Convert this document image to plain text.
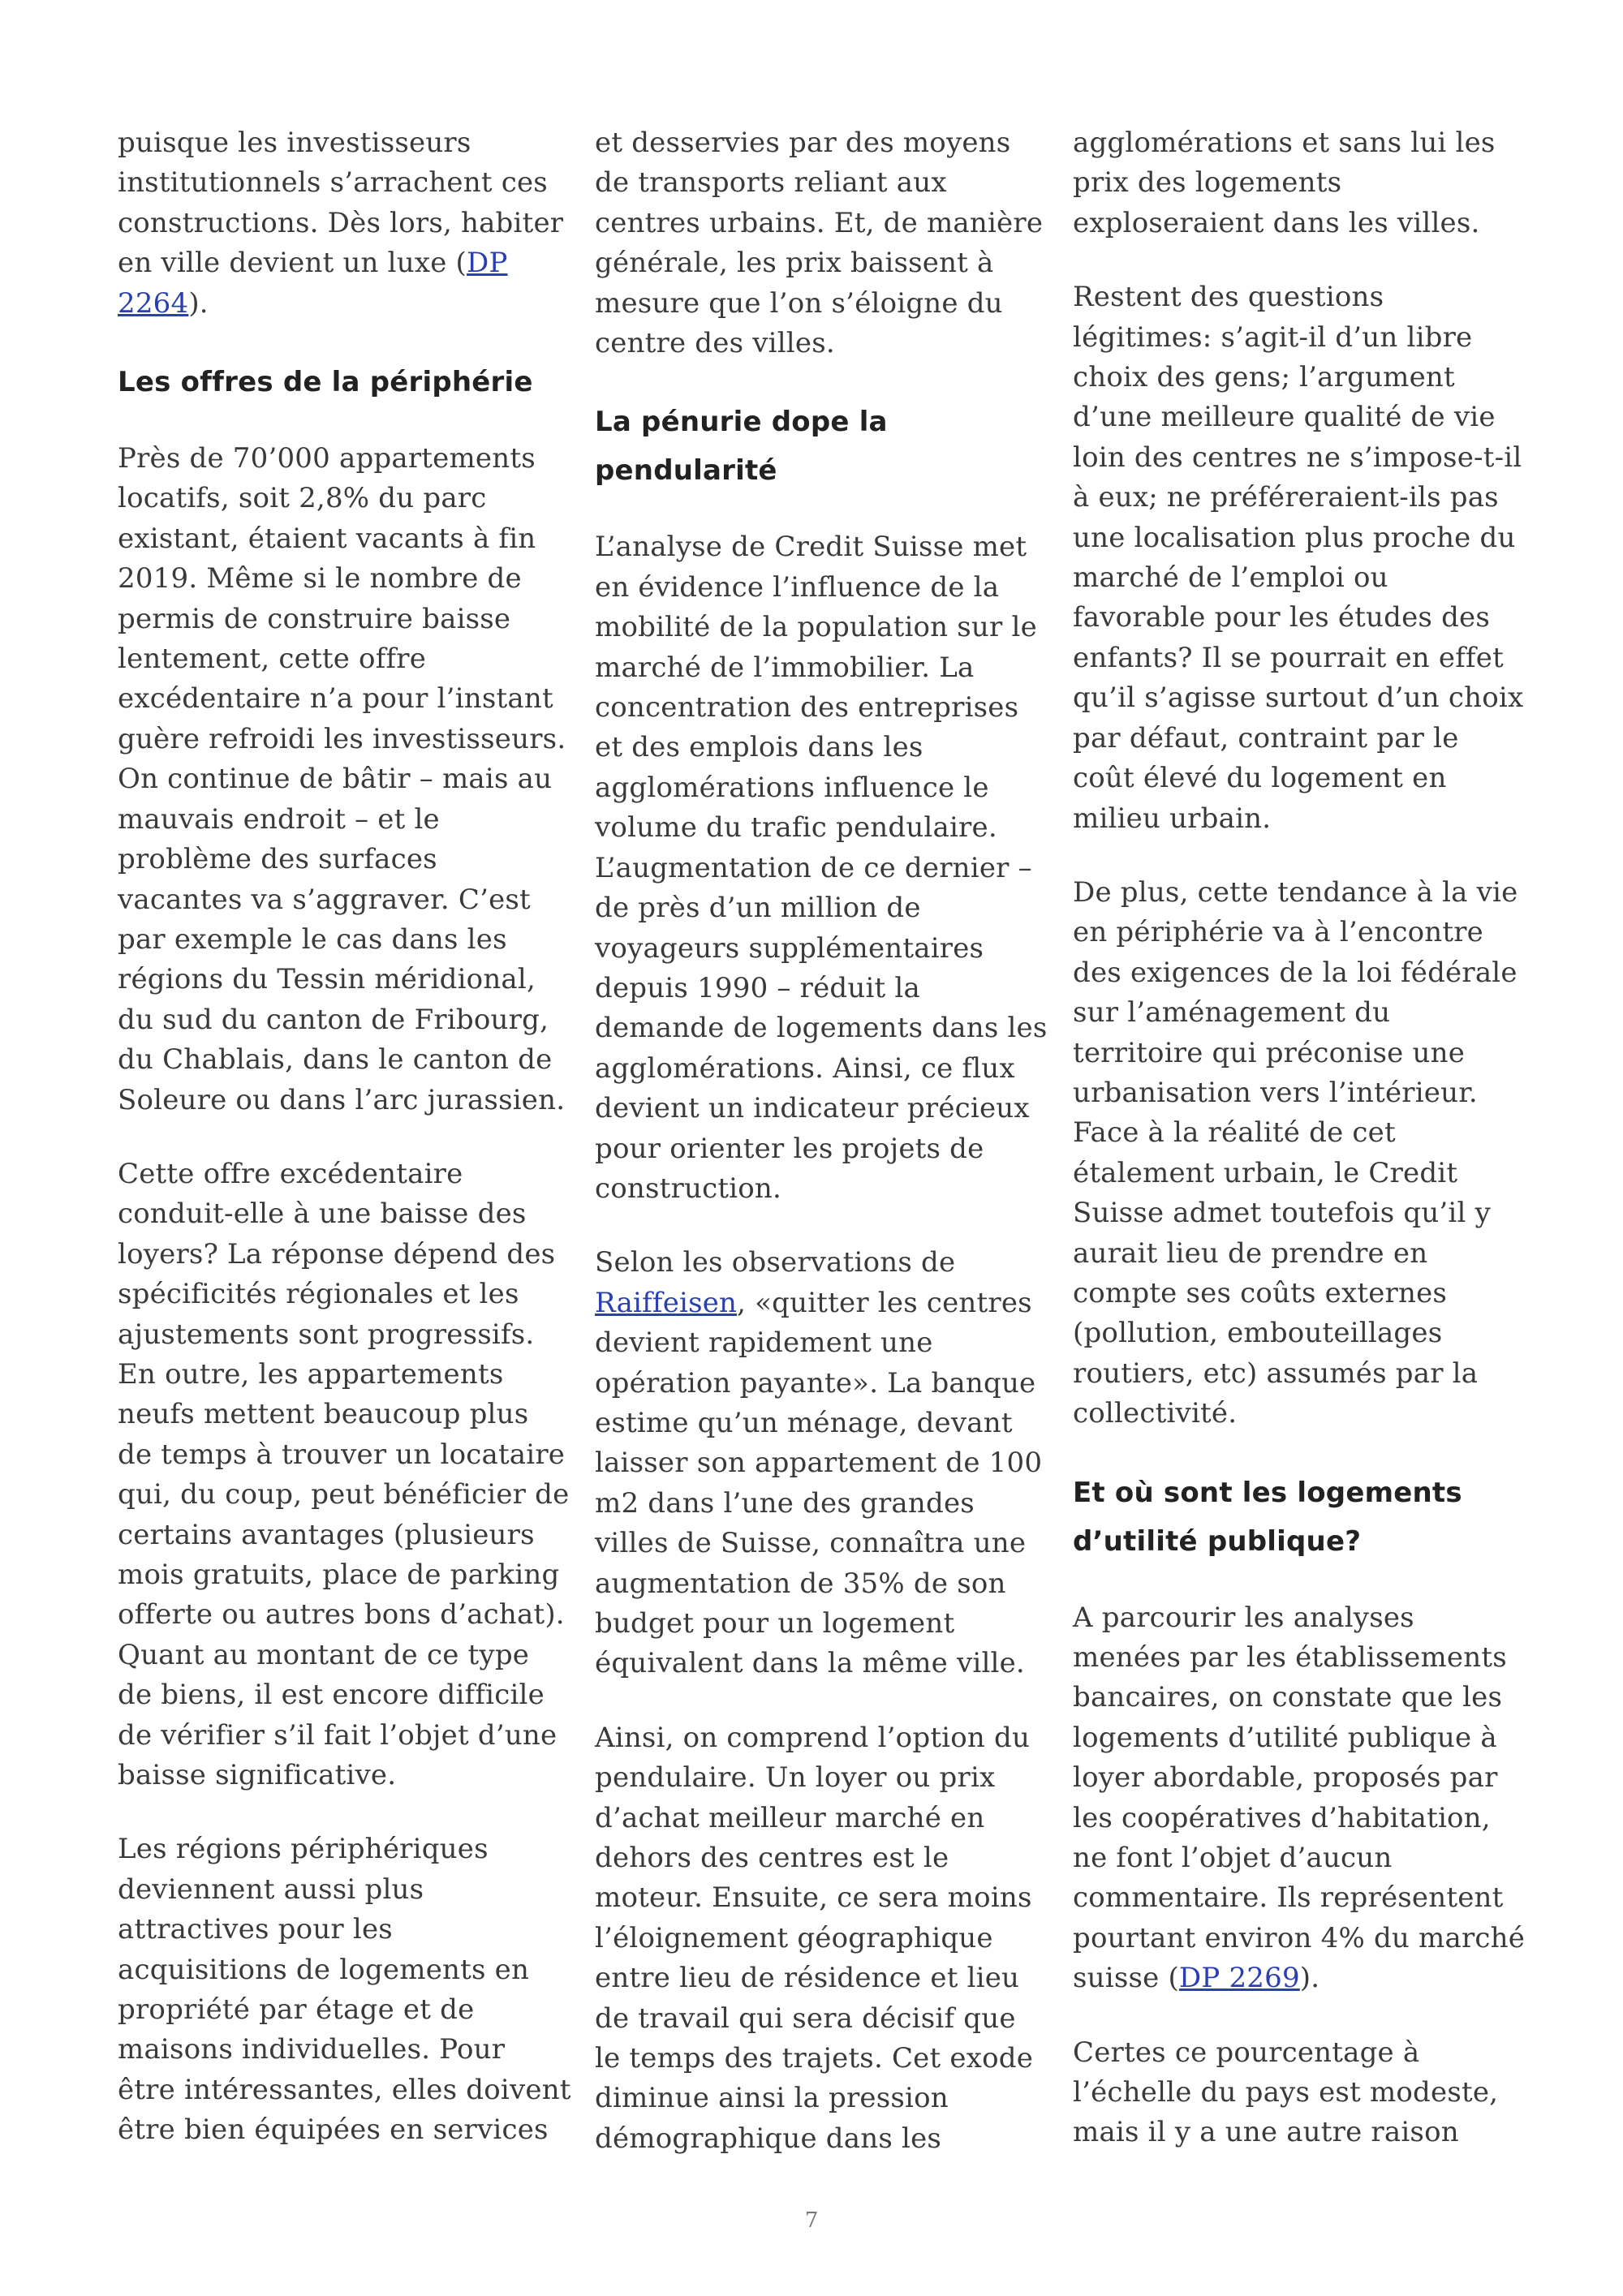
puisque les investisseurs
institutionnels s’arrachent ces
constructions. Dès lors, habiter
en ville devient un luxe (DP
2264).

Les offres de la périphérie

Près de 70’000 appartements
locatifs, soit 2,8% du parc
existant, étaient vacants à fin
2019. Même si le nombre de
permis de construire baisse
lentement, cette offre
excédentaire n’a pour l’instant
guère refroidi les investisseurs.
On continue de bâtir – mais au
mauvais endroit – et le
problème des surfaces
vacantes va s’aggraver. C’est
par exemple le cas dans les
régions du Tessin méridional,
du sud du canton de Fribourg,
du Chablais, dans le canton de
Soleure ou dans l’arc jurassien.

Cette offre excédentaire
conduit-elle à une baisse des
loyers? La réponse dépend des
spécificités régionales et les
ajustements sont progressifs.
En outre, les appartements
neufs mettent beaucoup plus
de temps à trouver un locataire
qui, du coup, peut bénéficier de
certains avantages (plusieurs
mois gratuits, place de parking
offerte ou autres bons d’achat).
Quant au montant de ce type
de biens, il est encore difficile
de vérifier s’il fait l’objet d’une
baisse significative.

Les régions périphériques
deviennent aussi plus
attractives pour les
acquisitions de logements en
propriété par étage et de
maisons individuelles. Pour
être intéressantes, elles doivent
être bien équipées en services

et desservies par des moyens
de transports reliant aux
centres urbains. Et, de manière
générale, les prix baissent à
mesure que l’on s’éloigne du
centre des villes.

La pénurie dope la
pendularité

L’analyse de Credit Suisse met
en évidence l’influence de la
mobilité de la population sur le
marché de l’immobilier. La
concentration des entreprises
et des emplois dans les
agglomérations influence le
volume du trafic pendulaire.
L’augmentation de ce dernier –
de près d’un million de
voyageurs supplémentaires
depuis 1990 – réduit la
demande de logements dans les
agglomérations. Ainsi, ce flux
devient un indicateur précieux
pour orienter les projets de
construction.

Selon les observations de
Raiffeisen, «quitter les centres
devient rapidement une
opération payante». La banque
estime qu’un ménage, devant
laisser son appartement de 100
m2 dans l’une des grandes
villes de Suisse, connaîtra une
augmentation de 35% de son
budget pour un logement
équivalent dans la même ville.

Ainsi, on comprend l’option du
pendulaire. Un loyer ou prix
d’achat meilleur marché en
dehors des centres est le
moteur. Ensuite, ce sera moins
l’éloignement géographique
entre lieu de résidence et lieu
de travail qui sera décisif que
le temps des trajets. Cet exode
diminue ainsi la pression
démographique dans les

agglomérations et sans lui les
prix des logements
exploseraient dans les villes.

Restent des questions
légitimes: s’agit-il d’un libre
choix des gens; l’argument
d’une meilleure qualité de vie
loin des centres ne s’impose-t-il
à eux; ne préféreraient-ils pas
une localisation plus proche du
marché de l’emploi ou
favorable pour les études des
enfants? Il se pourrait en effet
qu’il s’agisse surtout d’un choix
par défaut, contraint par le
coût élevé du logement en
milieu urbain.

De plus, cette tendance à la vie
en périphérie va à l’encontre
des exigences de la loi fédérale
sur l’aménagement du
territoire qui préconise une
urbanisation vers l’intérieur.
Face à la réalité de cet
étalement urbain, le Credit
Suisse admet toutefois qu’il y
aurait lieu de prendre en
compte ses coûts externes
(pollution, embouteillages
routiers, etc) assumés par la
collectivité.

Et où sont les logements
d’utilité publique?

A parcourir les analyses
menées par les établissements
bancaires, on constate que les
logements d’utilité publique à
loyer abordable, proposés par
les coopératives d’habitation,
ne font l’objet d’aucun
commentaire. Ils représentent
pourtant environ 4% du marché
suisse (DP 2269).

Certes ce pourcentage à
l’échelle du pays est modeste,
mais il y a une autre raison

7
